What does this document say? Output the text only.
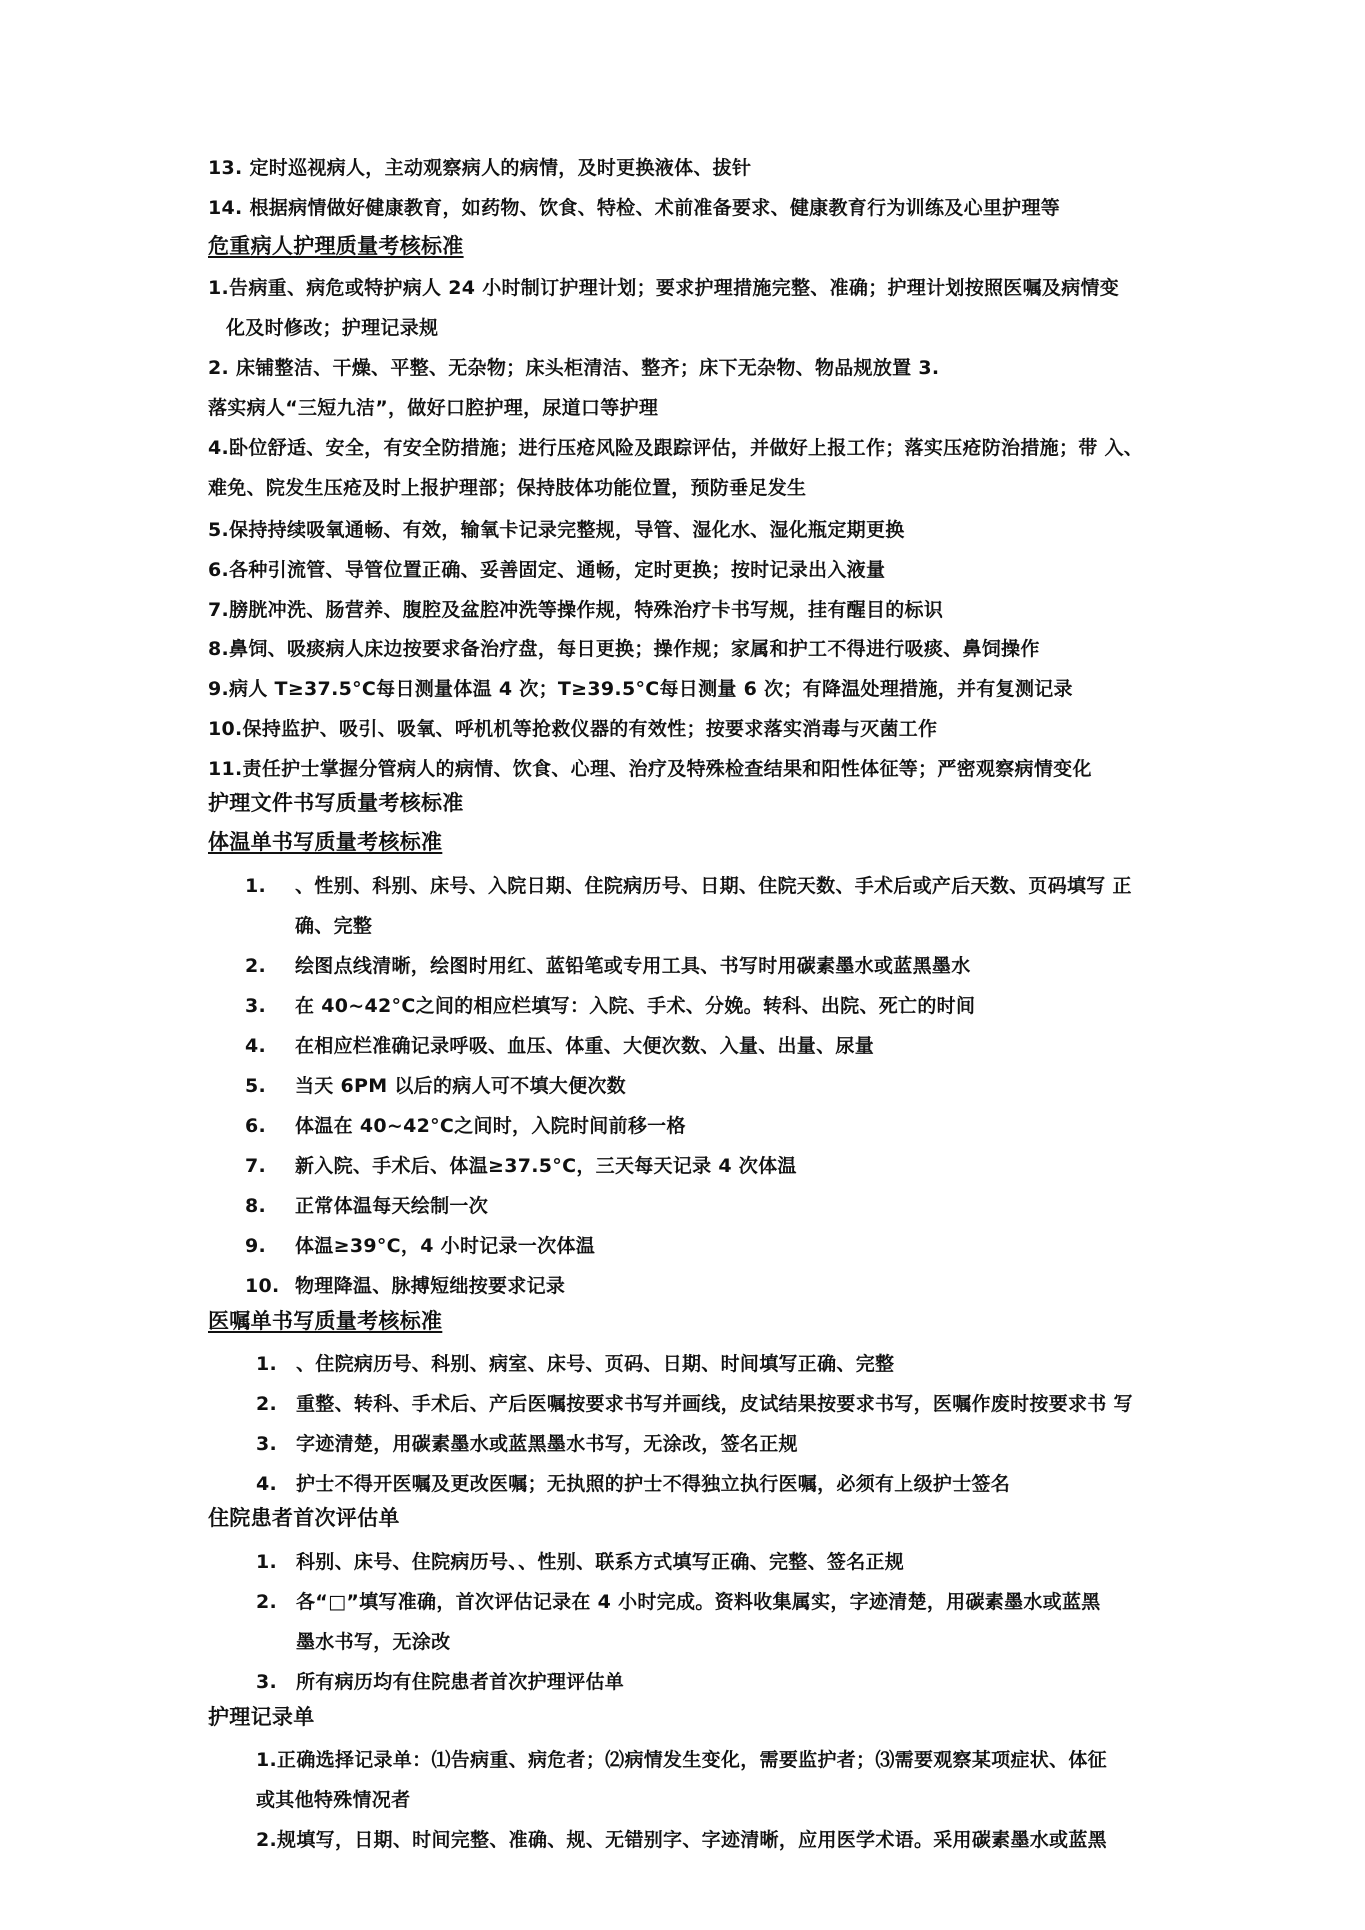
13. 定时巡视病人，主动观察病人的病情，及时更换液体、拔针
14. 根据病情做好健康教育，如药物、饮食、特检、术前准备要求、健康教育行为训练及心里护理等
危重病人护理质量考核标准
1.告病重、病危或特护病人 24 小时制订护理计划；要求护理措施完整、准确；护理计划按照医嘱及病情变
化及时修改；护理记录规
2. 床铺整洁、干燥、平整、无杂物；床头柜清洁、整齐；床下无杂物、物品规放置 3.
落实病人“三短九洁”，做好口腔护理，尿道口等护理
4.卧位舒适、安全，有安全防措施；进行压疮风险及跟踪评估，并做好上报工作；落实压疮防治措施；带 入、
难免、院发生压疮及时上报护理部；保持肢体功能位置，预防垂足发生
5.保持持续吸氧通畅、有效，输氧卡记录完整规，导管、湿化水、湿化瓶定期更换
6.各种引流管、导管位置正确、妥善固定、通畅，定时更换；按时记录出入液量
7.膀胱冲洗、肠营养、腹腔及盆腔冲洗等操作规，特殊治疗卡书写规，挂有醒目的标识
8.鼻饲、吸痰病人床边按要求备治疗盘，每日更换；操作规；家属和护工不得进行吸痰、鼻饲操作
9.病人 T≥37.5°C每日测量体温 4 次；T≥39.5°C每日测量 6 次；有降温处理措施，并有复测记录
10.保持监护、吸引、吸氧、呼机机等抢救仪器的有效性；按要求落实消毒与灭菌工作
11.责任护士掌握分管病人的病情、饮食、心理、治疗及特殊检查结果和阳性体征等；严密观察病情变化
护理文件书写质量考核标准
体温单书写质量考核标准
1. 、性别、科别、床号、入院日期、住院病历号、日期、住院天数、手术后或产后天数、页码填写 正
确、完整
2. 绘图点线清晰，绘图时用红、蓝铅笔或专用工具、书写时用碳素墨水或蓝黑墨水
3. 在 40~42°C之间的相应栏填写：入院、手术、分娩。转科、出院、死亡的时间
4. 在相应栏准确记录呼吸、血压、体重、大便次数、入量、出量、尿量
5. 当天 6PM 以后的病人可不填大便次数
6. 体温在 40~42°C之间时，入院时间前移一格
7. 新入院、手术后、体温≥37.5°C，三天每天记录 4 次体温
8. 正常体温每天绘制一次
9. 体温≥39°C，4 小时记录一次体温
10. 物理降温、脉搏短绌按要求记录
医嘱单书写质量考核标准
1. 、住院病历号、科别、病室、床号、页码、日期、时间填写正确、完整
2. 重整、转科、手术后、产后医嘱按要求书写并画线，皮试结果按要求书写，医嘱作废时按要求书 写
3. 字迹清楚，用碳素墨水或蓝黑墨水书写，无涂改，签名正规
4. 护士不得开医嘱及更改医嘱；无执照的护士不得独立执行医嘱，必须有上级护士签名
住院患者首次评估单
1. 科别、床号、住院病历号、、性别、联系方式填写正确、完整、签名正规
2. 各“□”填写准确，首次评估记录在 4 小时完成。资料收集属实，字迹清楚，用碳素墨水或蓝黑
墨水书写，无涂改
3. 所有病历均有住院患者首次护理评估单
护理记录单
1.正确选择记录单：⑴告病重、病危者；⑵病情发生变化，需要监护者；⑶需要观察某项症状、体征
或其他特殊情况者
2.规填写，日期、时间完整、准确、规、无错别字、字迹清晰，应用医学术语。采用碳素墨水或蓝黑
